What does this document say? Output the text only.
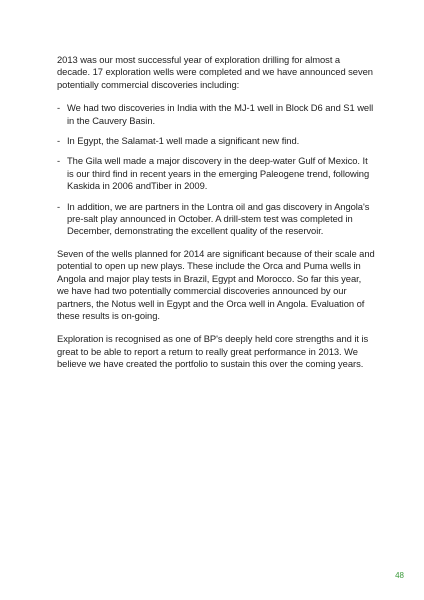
2013 was our most successful year of exploration drilling for almost a decade. 17 exploration wells were completed and we have announced seven potentially commercial discoveries including:

- We had two discoveries in India with the MJ-1 well in Block D6 and S1 well in the Cauvery Basin.
- In Egypt, the Salamat-1 well made a significant new find.
- The Gila well made a major discovery in the deep-water Gulf of Mexico. It is our third find in recent years in the emerging Paleogene trend, following Kaskida in 2006 andTiber in 2009.
- In addition, we are partners in the Lontra oil and gas discovery in Angola's pre-salt play announced in October. A drill-stem test was completed in December, demonstrating the excellent quality of the reservoir.

Seven of the wells planned for 2014 are significant because of their scale and potential to open up new plays. These include the Orca and Puma wells in Angola and major play tests in Brazil, Egypt and Morocco. So far this year, we have had two potentially commercial discoveries announced by our partners, the Notus well in Egypt and the Orca well in Angola. Evaluation of these results is on-going.

Exploration is recognised as one of BP's deeply held core strengths and it is great to be able to report a return to really great performance in 2013. We believe we have created the portfolio to sustain this over the coming years.

48
